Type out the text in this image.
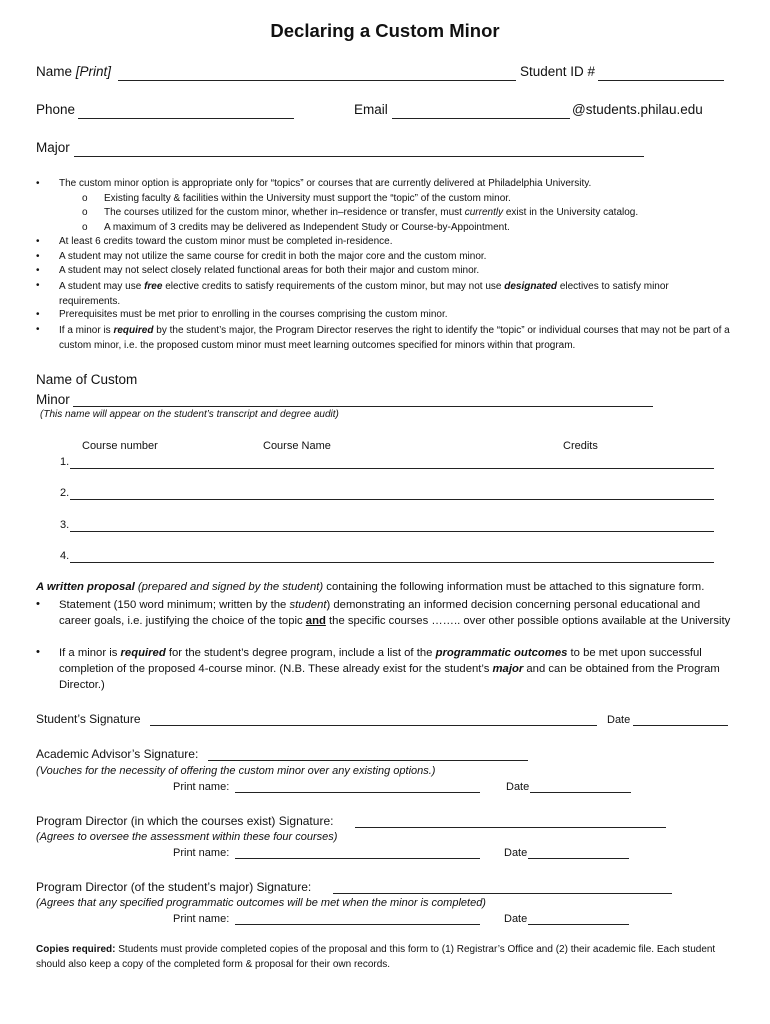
Declaring a Custom Minor
Name [Print]	Student ID #
Phone	Email	@students.philau.edu
Major
• The custom minor option is appropriate only for “topics” or courses that are currently delivered at Philadelphia University.
o Existing faculty & facilities within the University must support the “topic” of the custom minor.
o The courses utilized for the custom minor, whether in–residence or transfer, must currently exist in the University catalog.
o A maximum of 3 credits may be delivered as Independent Study or Course-by-Appointment.
• At least 6 credits toward the custom minor must be completed in-residence.
• A student may not utilize the same course for credit in both the major core and the custom minor.
• A student may not select closely related functional areas for both their major and custom minor.
• A student may use free elective credits to satisfy requirements of the custom minor, but may not use designated electives to satisfy minor requirements.
• Prerequisites must be met prior to enrolling in the courses comprising the custom minor.
• If a minor is required by the student’s major, the Program Director reserves the right to identify the “topic” or individual courses that may not be part of a custom minor, i.e. the proposed custom minor must meet learning outcomes specified for minors within that program.
Name of Custom
Minor
(This name will appear on the student’s transcript and degree audit)
Course number	Course Name	Credits
1.
2.
3.
4.
A written proposal (prepared and signed by the student) containing the following information must be attached to this signature form.
• Statement (150 word minimum; written by the student) demonstrating an informed decision concerning personal educational and career goals, i.e. justifying the choice of the topic and the specific courses …….. over other possible options available at the University
• If a minor is required for the student’s degree program, include a list of the programmatic outcomes to be met upon successful completion of the proposed 4-course minor. (N.B. These already exist for the student’s major and can be obtained from the Program Director.)
Student’s Signature	Date
Academic Advisor’s Signature:
(Vouches for the necessity of offering the custom minor over any existing options.)
Print name:	Date
Program Director (in which the courses exist) Signature:
(Agrees to oversee the assessment within these four courses)
Print name:	Date
Program Director (of the student’s major) Signature:
(Agrees that any specified programmatic outcomes will be met when the minor is completed)
Print name:	Date
Copies required: Students must provide completed copies of the proposal and this form to (1) Registrar’s Office and (2) their academic file. Each student should also keep a copy of the completed form & proposal for their own records.
